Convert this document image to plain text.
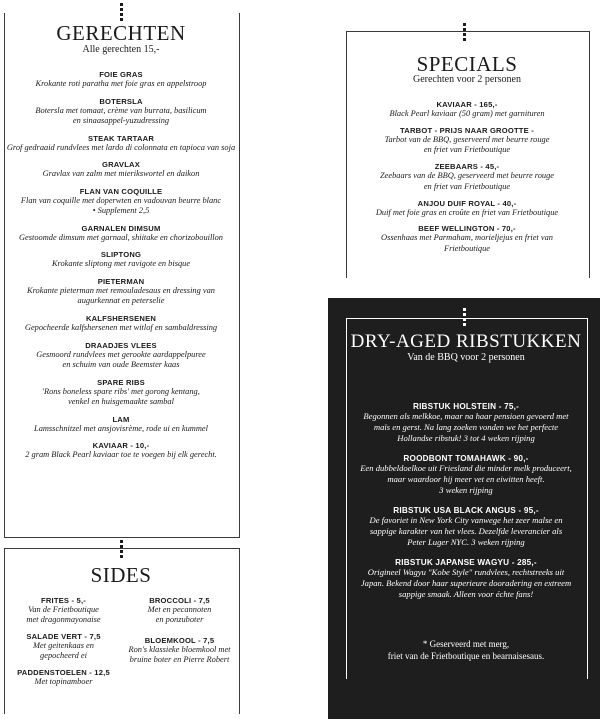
GERECHTEN
Alle gerechten 15,-
FOIE GRAS
Krokante roti paratha met foie gras en appelstroop
BOTERSLA
Botersla met tomaat, crème van burrata, basilicum
en sinaasappel-yuzudressing
STEAK TARTAAR
Grof gedraaid rundvlees met lardo di colonnata en tapioca van soja
GRAVLAX
Gravlax van zalm met mierikswortel en daikon
FLAN VAN COQUILLE
Flan van coquille met doperwten en vadouvan beurre blanc
• Supplement 2,5
GARNALEN DIMSUM
Gestoomde dimsum met garnaal, shiitake en chorizobouillon
SLIPTONG
Krokante sliptong met ravigote en bisque
PIETERMAN
Krokante pieterman met remouladesaus en dressing van
augurkennat en peterselie
KALFSHERSENEN
Gepocheerde kalfshersenen met witlof en sambaldressing
DRAADJES VLEES
Gesmoord rundvlees met gerookte aardappelpuree
en schuim van oude Beemster kaas
SPARE RIBS
'Rons boneless spare ribs' met gorong kentang,
venkel en huisgemaakte sambal
LAM
Lamsschnitzel met ansjovisrème, rode ui en kummel
KAVIAAR - 10,-
2 gram Black Pearl kaviaar toe te voegen bij elk gerecht.
SIDES
FRITES - 5,-
Van de Frietboutique
met dragonmayonaise
SALADE VERT - 7,5
Met geitenkaas en
gepocheerd ei
PADDENSTOELEN - 12,5
Met topinamboer
BROCCOLI - 7,5
Met en pecannoten
en ponzuboter
BLOEMKOOL - 7,5
Ron's klassieke bloemkool met
bruine boter en Pierre Robert
SPECIALS
Gerechten voor 2 personen
KAVIAAR - 165,-
Black Pearl kaviaar (50 gram) met garnituren
TARBOT - PRIJS NAAR GROOTTE -
Tarbot van de BBQ, geserveerd met beurre rouge
en friet van Frietboutique
ZEEBAARS - 45,-
Zeebaars van de BBQ, geserveerd met beurre rouge
en friet van Frietboutique
ANJOU DUIF ROYAL - 40,-
Duif met foie gras en croûte en friet van Frietboutique
BEEF WELLINGTON - 70,-
Ossenhaas met Parmaham, morieljejus en friet van
Frietboutique
DRY-AGED RIBSTUKKEN
Van de BBQ voor 2 personen
RIBSTUK HOLSTEIN - 75,-
Begonnen als melkkoe, maar na haar pensioen gevoerd met
maïs en gerst. Na lang zoeken vonden we het perfecte
Hollandse ribstuk! 3 tot 4 weken rijping
ROODBONT TOMAHAWK - 90,-
Een dubbeldoelkoe uit Friesland die minder melk produceert,
maar waardoor hij meer vet en eiwitten heeft.
3 weken rijping
RIBSTUK USA BLACK ANGUS - 95,-
De favoriet in New York City vanwege het zeer malse en
sappige karakter van het vlees. Dezelfde leverancier als
Peter Luger NYC. 3 weken rijping
RIBSTUK JAPANSE WAGYU - 285,-
Origineel Wagyu "Kobe Style" rundvlees, rechtstreeks uit
Japan. Bekend door haar superieure dooradering en extreem
sappige smaak. Alleen voor échte fans!
* Geserveerd met merg,
friet van de Frietboutique en bearnaisesaus.
